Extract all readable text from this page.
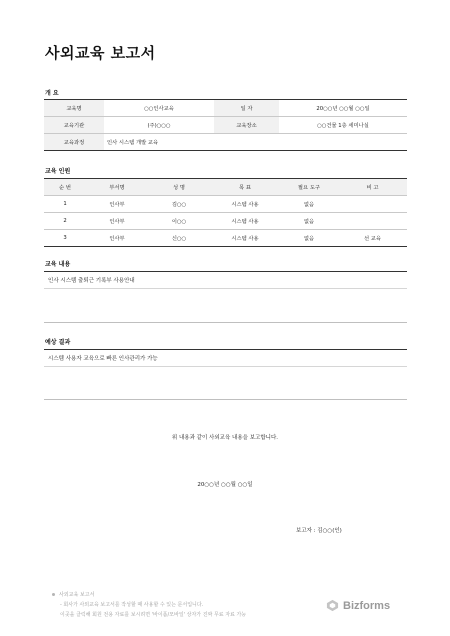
사외교육 보고서
개 요
교육명	○○인사교육	일 자	20○○년 ○○월 ○○일
교육기관	(주)○○○	교육장소	○○건물 1층 세미나실
교육과정	인사 시스템 개발 교육		
교육 인원
순 번	부서명	성 명	목 표	필요 도구	비 고
1	인사부	김○○	시스템 사용	없음	
2	인사부	이○○	시스템 사용	없음	
3	인사부	신○○	시스템 사용	없음	선 교육
교육 내용
인사 시스템 출퇴근 기록부 사용안내
예상 결과
시스템 사용자 교육으로 빠른 인사관리가 가능
위 내용과 같이 사외교육 내용을 보고합니다.
20○○년 ○○월 ○○일
보고자 : 김○○(인)
사외교육 보고서
- 회사가 사외교육 보고서를 작성할 때 사용할 수 있는 문서입니다.
이곳을 클릭해 회원 전용 자료를 보시려면 '바이폼/모바일' 상자가 진짜 무료 자료 가능
Bizforms
